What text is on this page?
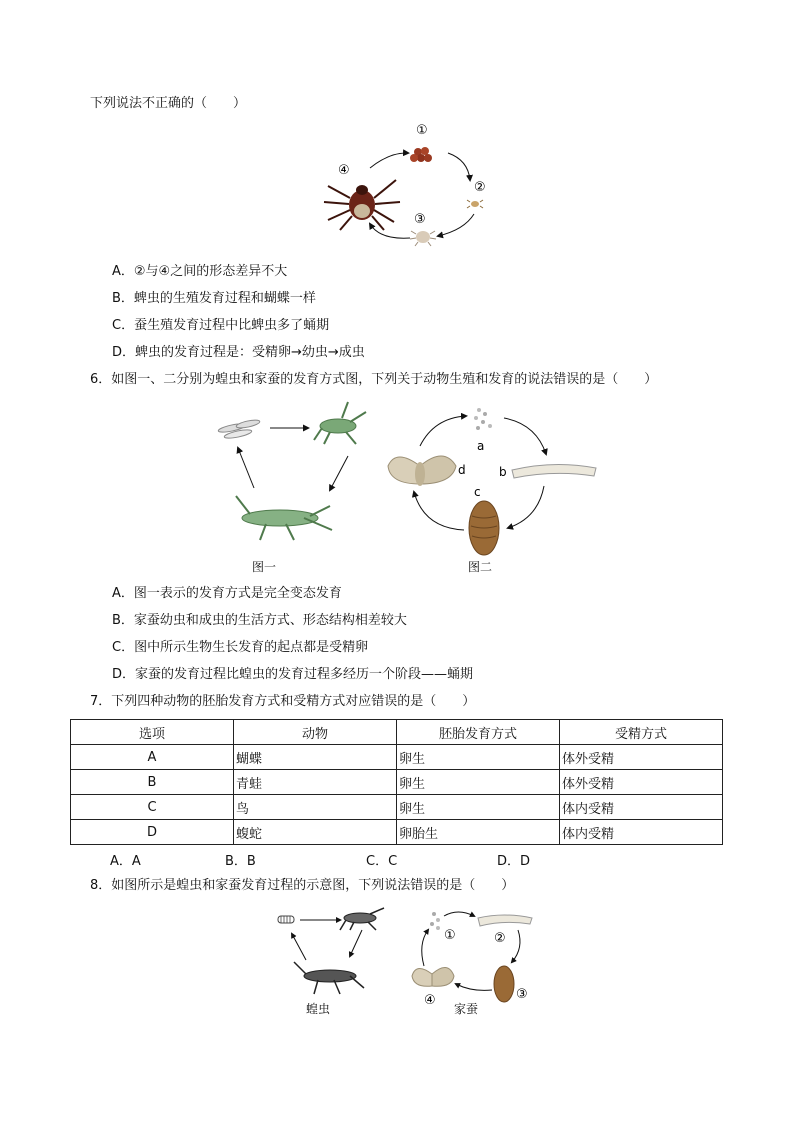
下列说法不正确的（　　）
①
②
③
④
A．②与④之间的形态差异不大
B．蜱虫的生殖发育过程和蝴蝶一样
C．蚕生殖发育过程中比蜱虫多了蛹期
D．蜱虫的发育过程是：受精卵→幼虫→成虫
6．如图一、二分别为蝗虫和家蚕的发育方式图，下列关于动物生殖和发育的说法错误的是（　　）
图一
a
b
c
d
图二
A．图一表示的发育方式是完全变态发育
B．家蚕幼虫和成虫的生活方式、形态结构相差较大
C．图中所示生物生长发育的起点都是受精卵
D．家蚕的发育过程比蝗虫的发育过程多经历一个阶段——蛹期
7．下列四种动物的胚胎发育方式和受精方式对应错误的是（　　）
选项	动物	胚胎发育方式	受精方式
A	蝴蝶	卵生	体外受精
B	青蛙	卵生	体外受精
C	鸟	卵生	体内受精
D	蝮蛇	卵胎生	体内受精
A．A	B．B	C．C	D．D
8．如图所示是蝗虫和家蚕发育过程的示意图，下列说法错误的是（　　）
蝗虫
①	②
③
④
家蚕
